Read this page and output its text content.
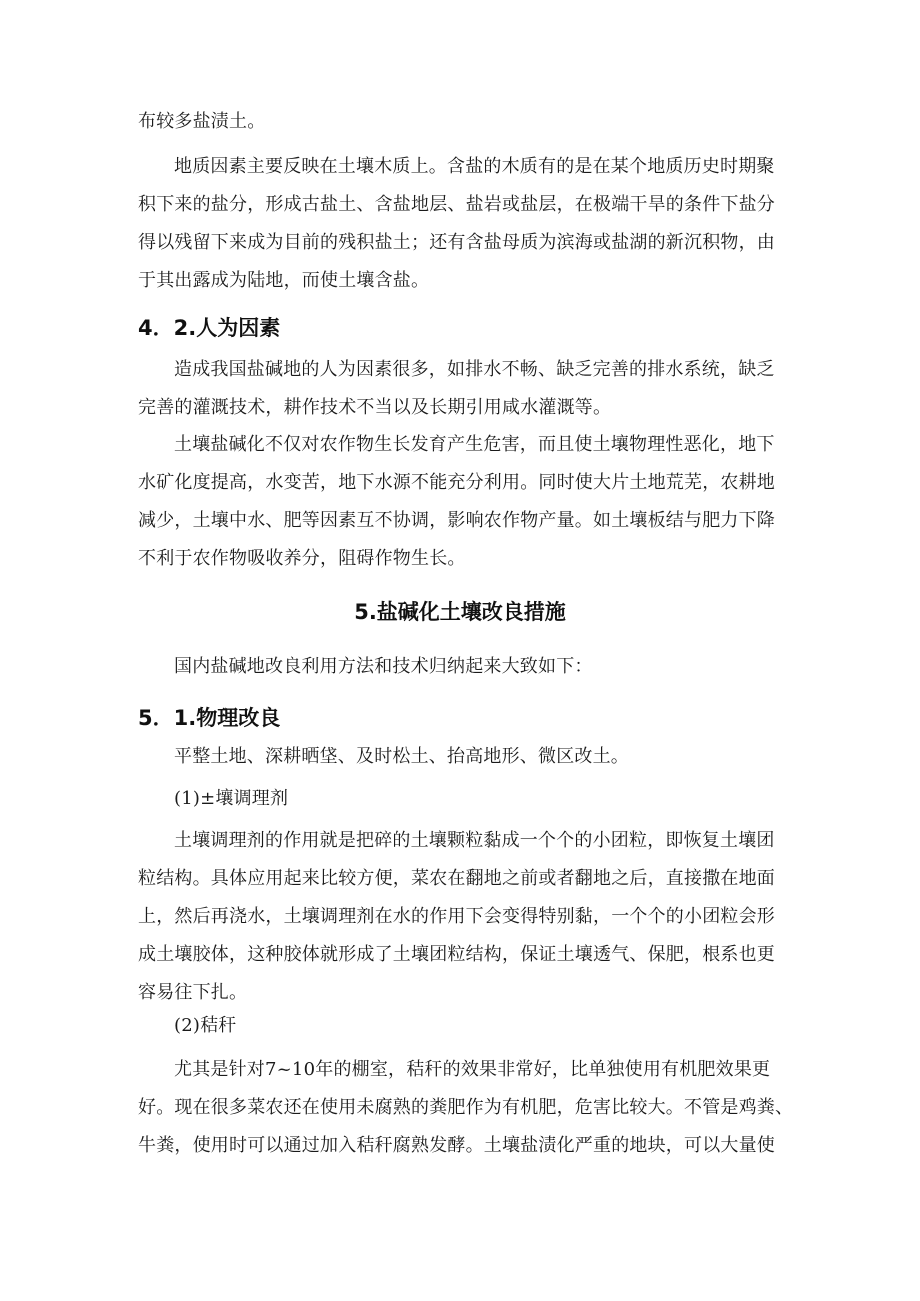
布较多盐渍土。

地质因素主要反映在土壤木质上。含盐的木质有的是在某个地质历史时期聚

积下来的盐分，形成古盐土、含盐地层、盐岩或盐层，在极端干旱的条件下盐分

得以残留下来成为目前的残积盐土；还有含盐母质为滨海或盐湖的新沉积物，由

于其出露成为陆地，而使土壤含盐。

4．2.人为因素

造成我国盐碱地的人为因素很多，如排水不畅、缺乏完善的排水系统，缺乏

完善的灌溉技术，耕作技术不当以及长期引用咸水灌溉等。

土壤盐碱化不仅对农作物生长发育产生危害，而且使土壤物理性恶化，地下

水矿化度提高，水变苦，地下水源不能充分利用。同时使大片土地荒芜，农耕地

减少，土壤中水、肥等因素互不协调，影响农作物产量。如土壤板结与肥力下降

不利于农作物吸收养分，阻碍作物生长。

5.盐碱化土壤改良措施

国内盐碱地改良利用方法和技术归纳起来大致如下：

5．1.物理改良

平整土地、深耕晒垡、及时松土、抬高地形、微区改土。

(1)±壤调理剂

土壤调理剂的作用就是把碎的土壤颗粒黏成一个个的小团粒，即恢复土壤团

粒结构。具体应用起来比较方便，菜农在翻地之前或者翻地之后，直接撒在地面

上，然后再浇水，土壤调理剂在水的作用下会变得特别黏，一个个的小团粒会形

成土壤胶体，这种胶体就形成了土壤团粒结构，保证土壤透气、保肥，根系也更

容易往下扎。

(2)秸秆

尤其是针对7~10年的棚室，秸秆的效果非常好，比单独使用有机肥效果更

好。现在很多菜农还在使用未腐熟的粪肥作为有机肥，危害比较大。不管是鸡粪、

牛粪，使用时可以通过加入秸秆腐熟发酵。土壤盐渍化严重的地块，可以大量使
